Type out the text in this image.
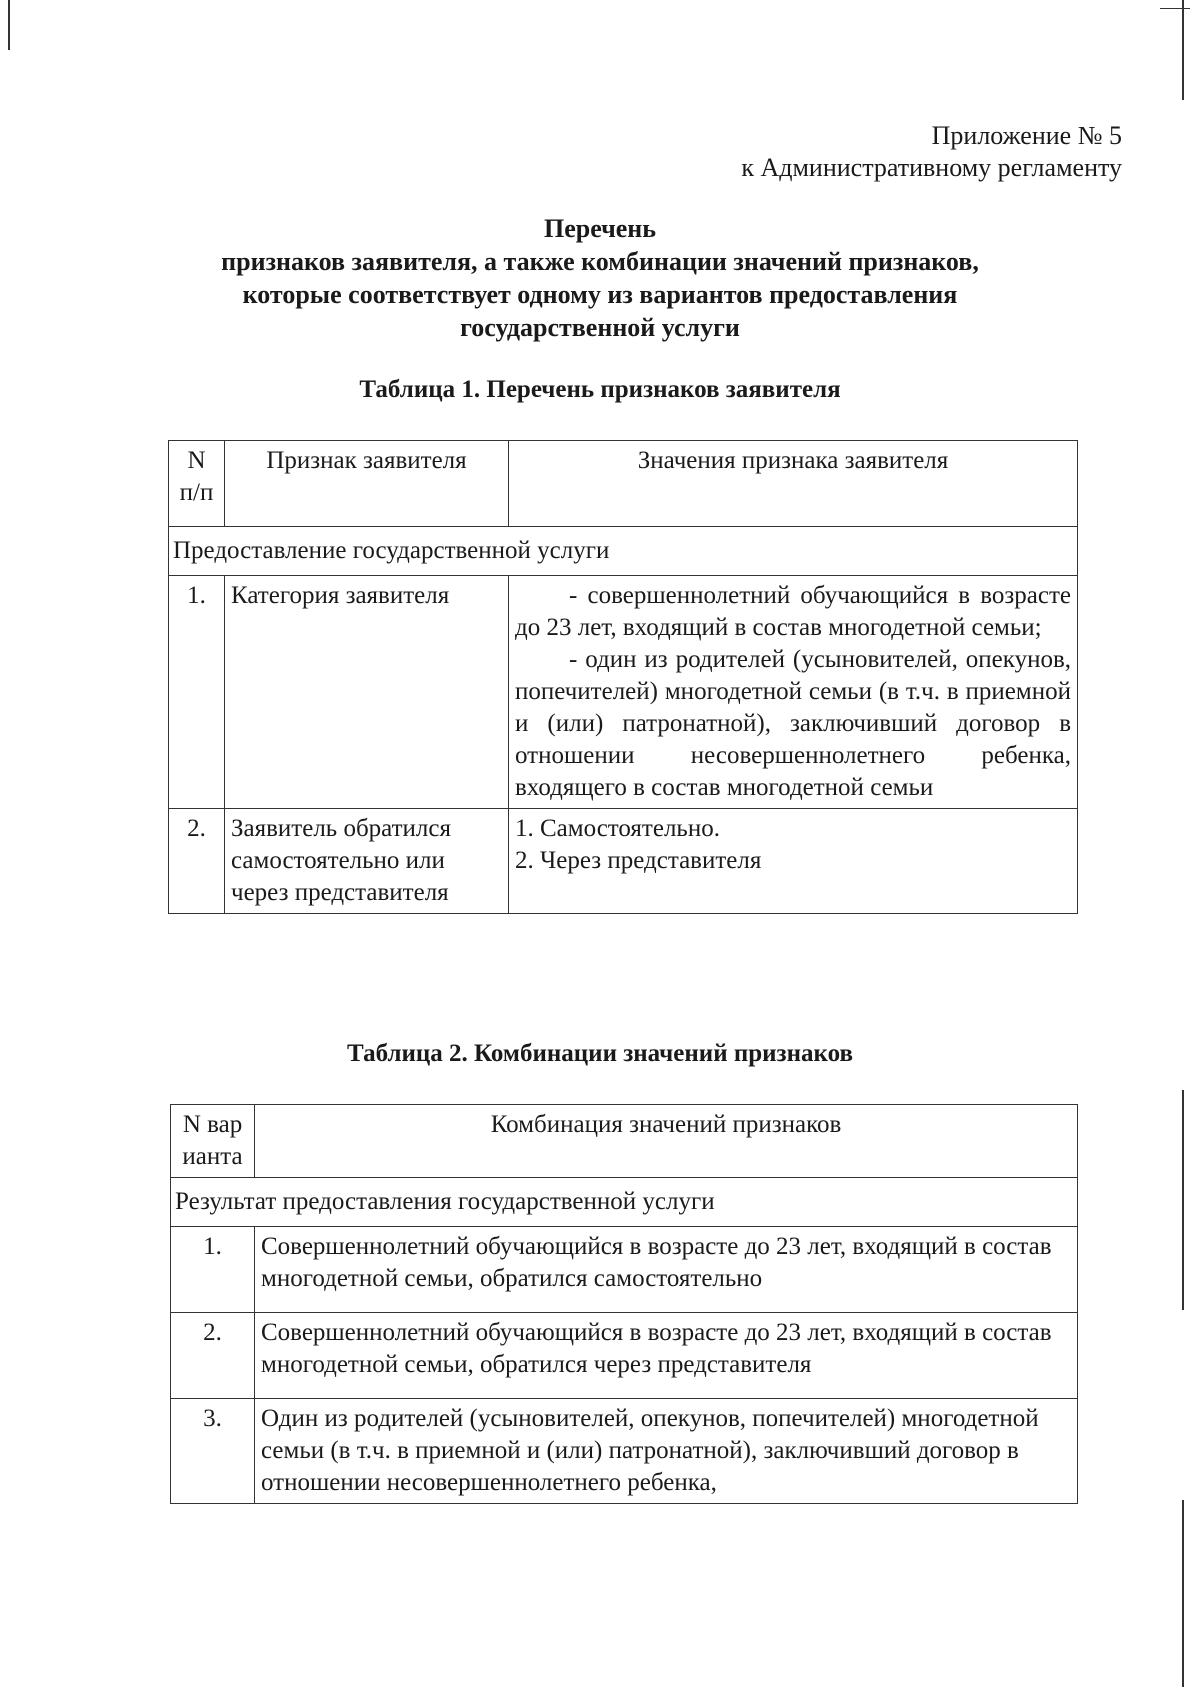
Приложение № 5
к Административному регламенту
Перечень
признаков заявителя, а также комбинации значений признаков,
которые соответствует одному из вариантов предоставления
государственной услуги
Таблица 1. Перечень признаков заявителя
N п/п	Признак заявителя	Значения признака заявителя
Предоставление государственной услуги		
1.	Категория заявителя	- совершеннолетний обучающийся в возрасте до 23 лет, входящий в состав многодетной семьи;
- один из родителей (усыновителей, опекунов, попечителей) многодетной семьи (в т.ч. в приемной и (или) патронатной), заключивший договор в отношении несовершеннолетнего ребенка, входящего в состав многодетной семьи

2.	Заявитель обратился самостоятельно или через представителя	1. Самостоятельно.
2. Через представителя
Таблица 2. Комбинации значений признаков
N варианта	Комбинация значений признаков
Результат предоставления государственной услуги	
1.	Совершеннолетний обучающийся в возрасте до 23 лет, входящий в состав многодетной семьи, обратился самостоятельно
2.	Совершеннолетний обучающийся в возрасте до 23 лет, входящий в состав многодетной семьи, обратился через представителя
3.	Один из родителей (усыновителей, опекунов, попечителей) многодетной семьи (в т.ч. в приемной и (или) патронатной), заключивший договор в отношении несовершеннолетнего ребенка,
